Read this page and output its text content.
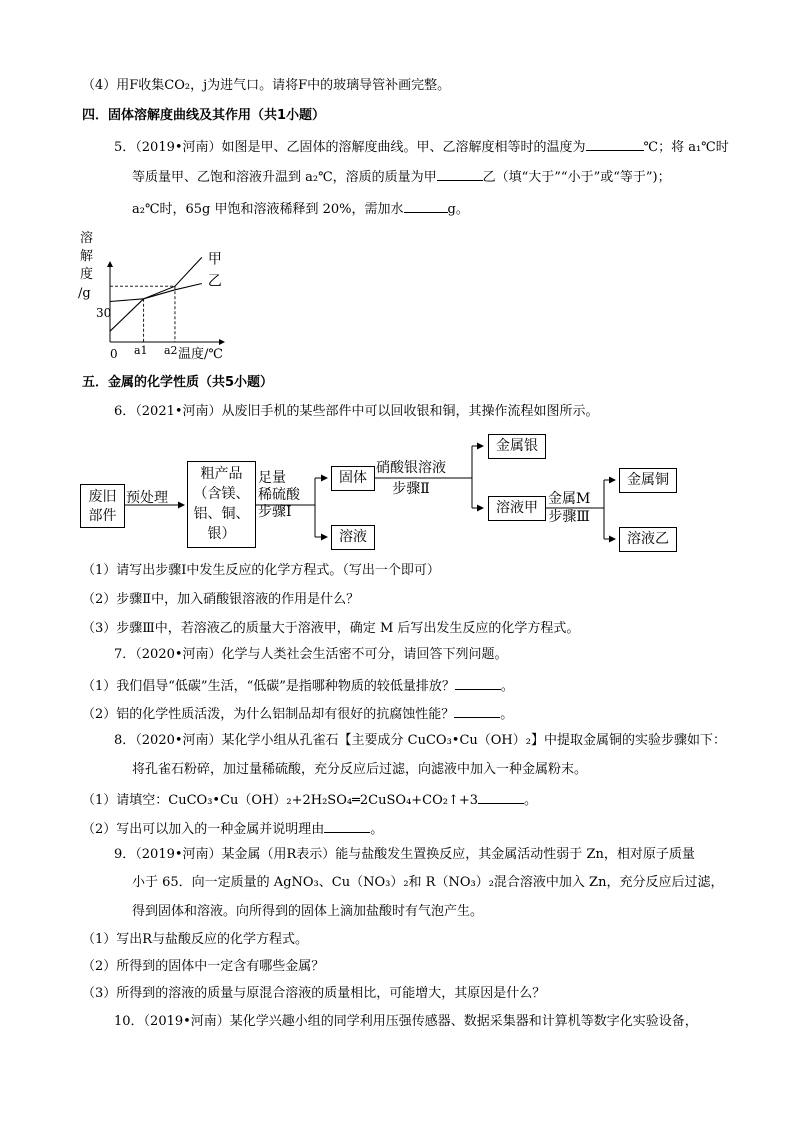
（4）用F收集CO₂，j为进气口。请将F中的玻璃导管补画完整。
四．固体溶解度曲线及其作用（共1小题）
5．（2019•河南）如图是甲、乙固体的溶解度曲线。甲、乙溶解度相等时的温度为	℃；将 a₁℃时
等质量甲、乙饱和溶液升温到 a₂℃，溶质的质量为甲	乙（填“大于”“小于”或“等于”)；
a₂℃时，65g 甲饱和溶液稀释到 20%，需加水	g。
溶
解
度
/g
甲
乙
30
0 a1 a2 温度/℃
五．金属的化学性质（共5小题）
6．（2021•河南）从废旧手机的某些部件中可以回收银和铜，其操作流程如图所示。
废旧
部件
预处理
粗产品
（含镁、
铝、铜、
银）
足量
稀硫酸
步骤Ⅰ
固体
溶液
硝酸银溶液
步骤Ⅱ
金属银
溶液甲
金属M
步骤Ⅲ
金属铜
溶液乙
（1）请写出步骤Ⅰ中发生反应的化学方程式。（写出一个即可）
（2）步骤Ⅱ中，加入硝酸银溶液的作用是什么？
（3）步骤Ⅲ中，若溶液乙的质量大于溶液甲，确定 M 后写出发生反应的化学方程式。
7．（2020•河南）化学与人类社会生活密不可分，请回答下列问题。
（1）我们倡导“低碳”生活，“低碳”是指哪种物质的较低量排放？	。
（2）铝的化学性质活泼，为什么铝制品却有很好的抗腐蚀性能？	。
8．（2020•河南）某化学小组从孔雀石【主要成分 CuCO₃•Cu（OH）₂】中提取金属铜的实验步骤如下：
将孔雀石粉碎，加过量稀硫酸，充分反应后过滤，向滤液中加入一种金属粉末。
（1）请填空：CuCO₃•Cu（OH）₂+2H₂SO₄═2CuSO₄+CO₂↑+3	。
（2）写出可以加入的一种金属并说明理由	。
9．（2019•河南）某金属（用R表示）能与盐酸发生置换反应，其金属活动性弱于 Zn，相对原子质量
小于 65．向一定质量的 AgNO₃、Cu（NO₃）₂和 R（NO₃）₂混合溶液中加入 Zn，充分反应后过滤，
得到固体和溶液。向所得到的固体上滴加盐酸时有气泡产生。
（1）写出R与盐酸反应的化学方程式。
（2）所得到的固体中一定含有哪些金属？
（3）所得到的溶液的质量与原混合溶液的质量相比，可能增大，其原因是什么？
10．（2019•河南）某化学兴趣小组的同学利用压强传感器、数据采集器和计算机等数字化实验设备，
